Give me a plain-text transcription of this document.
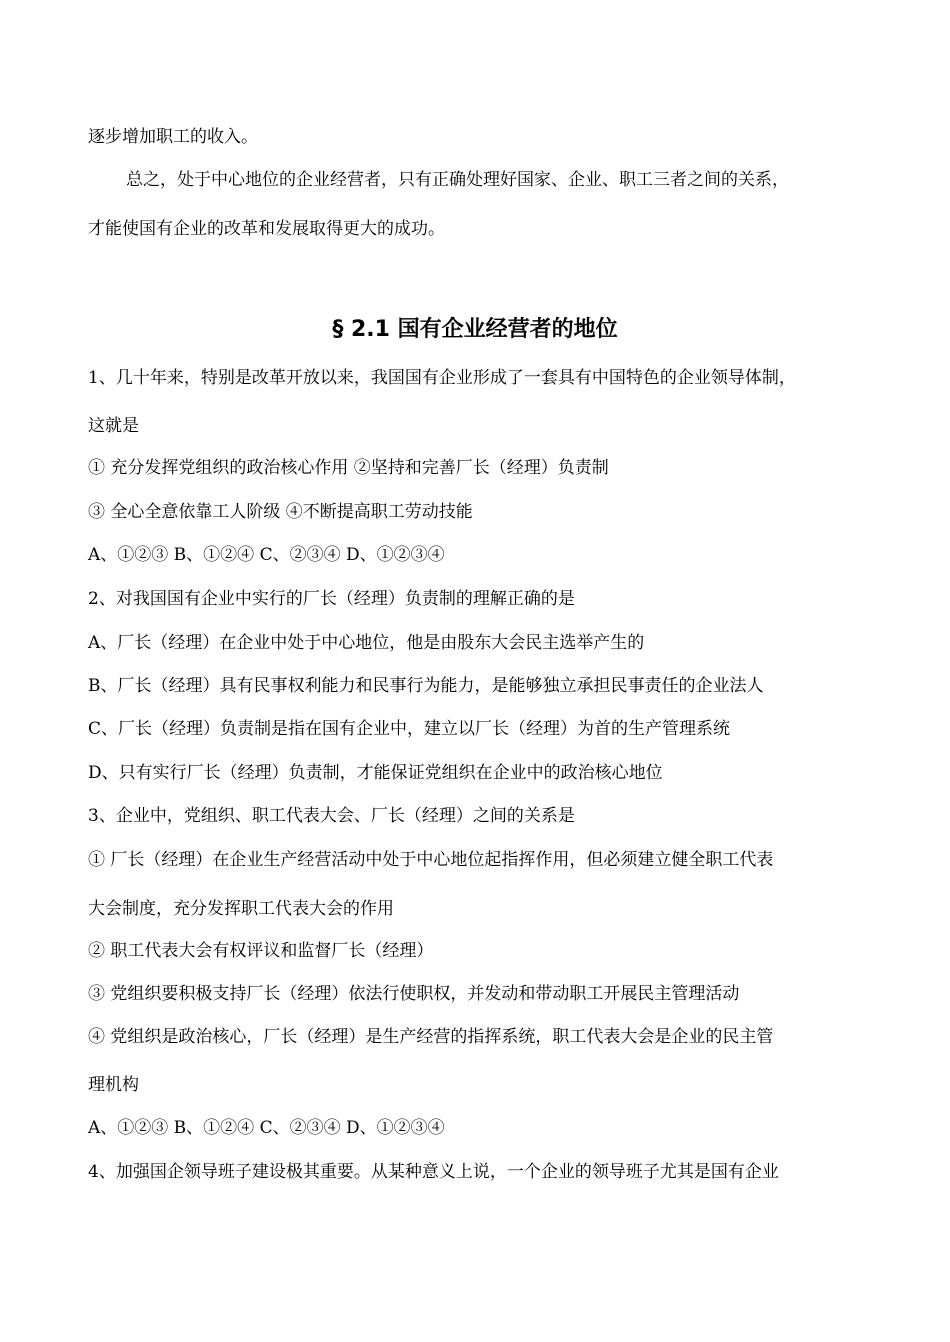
逐步增加职工的收入。
总之，处于中心地位的企业经营者，只有正确处理好国家、企业、职工三者之间的关系，
才能使国有企业的改革和发展取得更大的成功。
§ 2.1 国有企业经营者的地位
1、几十年来，特别是改革开放以来，我国国有企业形成了一套具有中国特色的企业领导体制，
这就是
① 充分发挥党组织的政治核心作用 ②坚持和完善厂长（经理）负责制
③ 全心全意依靠工人阶级 ④不断提高职工劳动技能
A、①②③ B、①②④ C、②③④ D、①②③④
2、对我国国有企业中实行的厂长（经理）负责制的理解正确的是
A、厂长（经理）在企业中处于中心地位，他是由股东大会民主选举产生的
B、厂长（经理）具有民事权利能力和民事行为能力，是能够独立承担民事责任的企业法人
C、厂长（经理）负责制是指在国有企业中，建立以厂长（经理）为首的生产管理系统
D、只有实行厂长（经理）负责制，才能保证党组织在企业中的政治核心地位
3、企业中，党组织、职工代表大会、厂长（经理）之间的关系是
① 厂长（经理）在企业生产经营活动中处于中心地位起指挥作用，但必须建立健全职工代表
大会制度，充分发挥职工代表大会的作用
② 职工代表大会有权评议和监督厂长（经理）
③ 党组织要积极支持厂长（经理）依法行使职权，并发动和带动职工开展民主管理活动
④ 党组织是政治核心，厂长（经理）是生产经营的指挥系统，职工代表大会是企业的民主管
理机构
A、①②③ B、①②④ C、②③④ D、①②③④
4、加强国企领导班子建设极其重要。从某种意义上说，一个企业的领导班子尤其是国有企业
